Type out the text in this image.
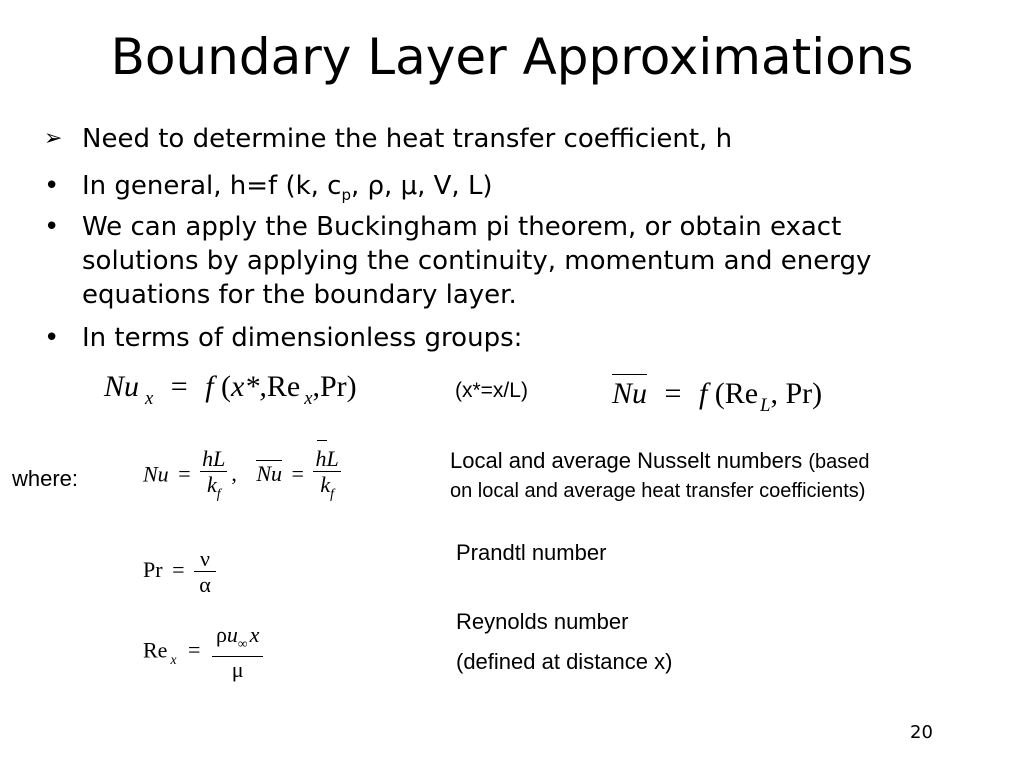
Boundary Layer Approximations
➢ Need to determine the heat transfer coefficient, h
• In general, h=f (k, $c_p$, ρ, μ, V, L)
• We can apply the Buckingham pi theorem, or obtain exact
solutions by applying the continuity, momentum and energy
equations for the boundary layer.
• In terms of dimensionless groups:
Nu $_x$ = f (x*,Re $_x$,Pr)	(x*=x/L)	Nu = f (Re $_L$, Pr)
where:	$Nu = \frac{hL}{k_f}$ , $Nu = \frac{hL}{k_f}$
$Pr = \frac{\nu}{\alpha}$
Re $_x = \frac{\rho u_\infty x}{\mu}$
Local and average Nusselt numbers (based
on local and average heat transfer coefficients)
Prandtl number
Reynolds number
(defined at distance x)
20
